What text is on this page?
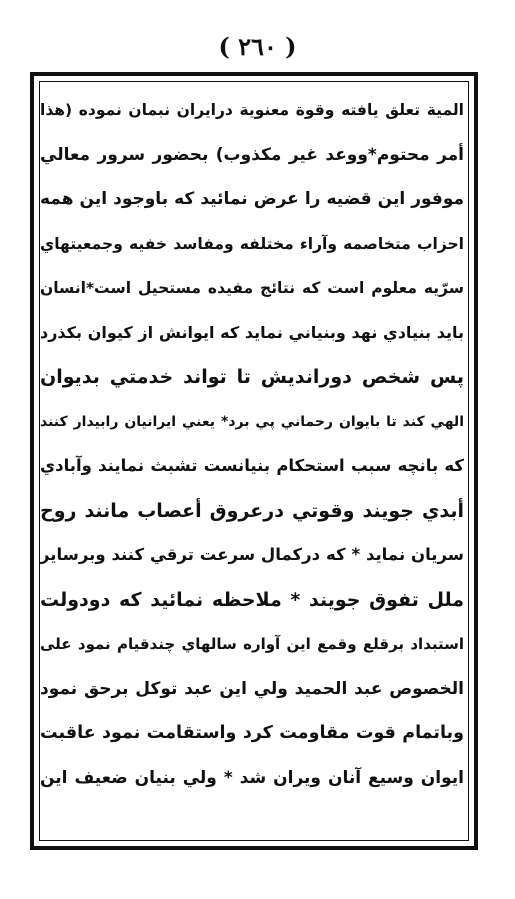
( ٢٦٠ )
المية تعلق يافته وقوة معنوية درايران نبمان نموده (هذا
أمر محتوم*ووعد غير مكذوب) بحضور سرور معالي
موفور اين قضيه را عرض نمائيد كه باوجود اين همه
احزاب متخاصمه وآراء مختلفه ومفاسد خفيه وجمعيتهاي
سرّيه معلوم است كه نتائج مفيده مستحيل است*انسان
بايد بنيادي نهد وبنياني نمايد كه ايوانش از كيوان بكذرد
پس شخص دورانديش تا تواند خدمتي بديوان
الهي كند تا بايوان رحماني پي برد* يعني ايرانيان رابيدار كنند
كه بانچه سبب استحكام بنيانست تشبث نمايند وآبادي
أبدي جويند وقوتي درعروق أعصاب مانند روح
سريان نمايد * كه دركمال سرعت ترقي كنند وبرساير
ملل تفوق جويند * ملاحظه نمائيد كه دودولت
استبداد برقلع وقمع اين آواره سالهاي چندقيام نمود على
الخصوص عبد الحميد ولي اين عبد توكل برحق نمود
وباتمام قوت مقاومت كرد واستقامت نمود عاقبت
ايوان وسيع آنان ويران شد * ولي بنيان ضعيف اين
